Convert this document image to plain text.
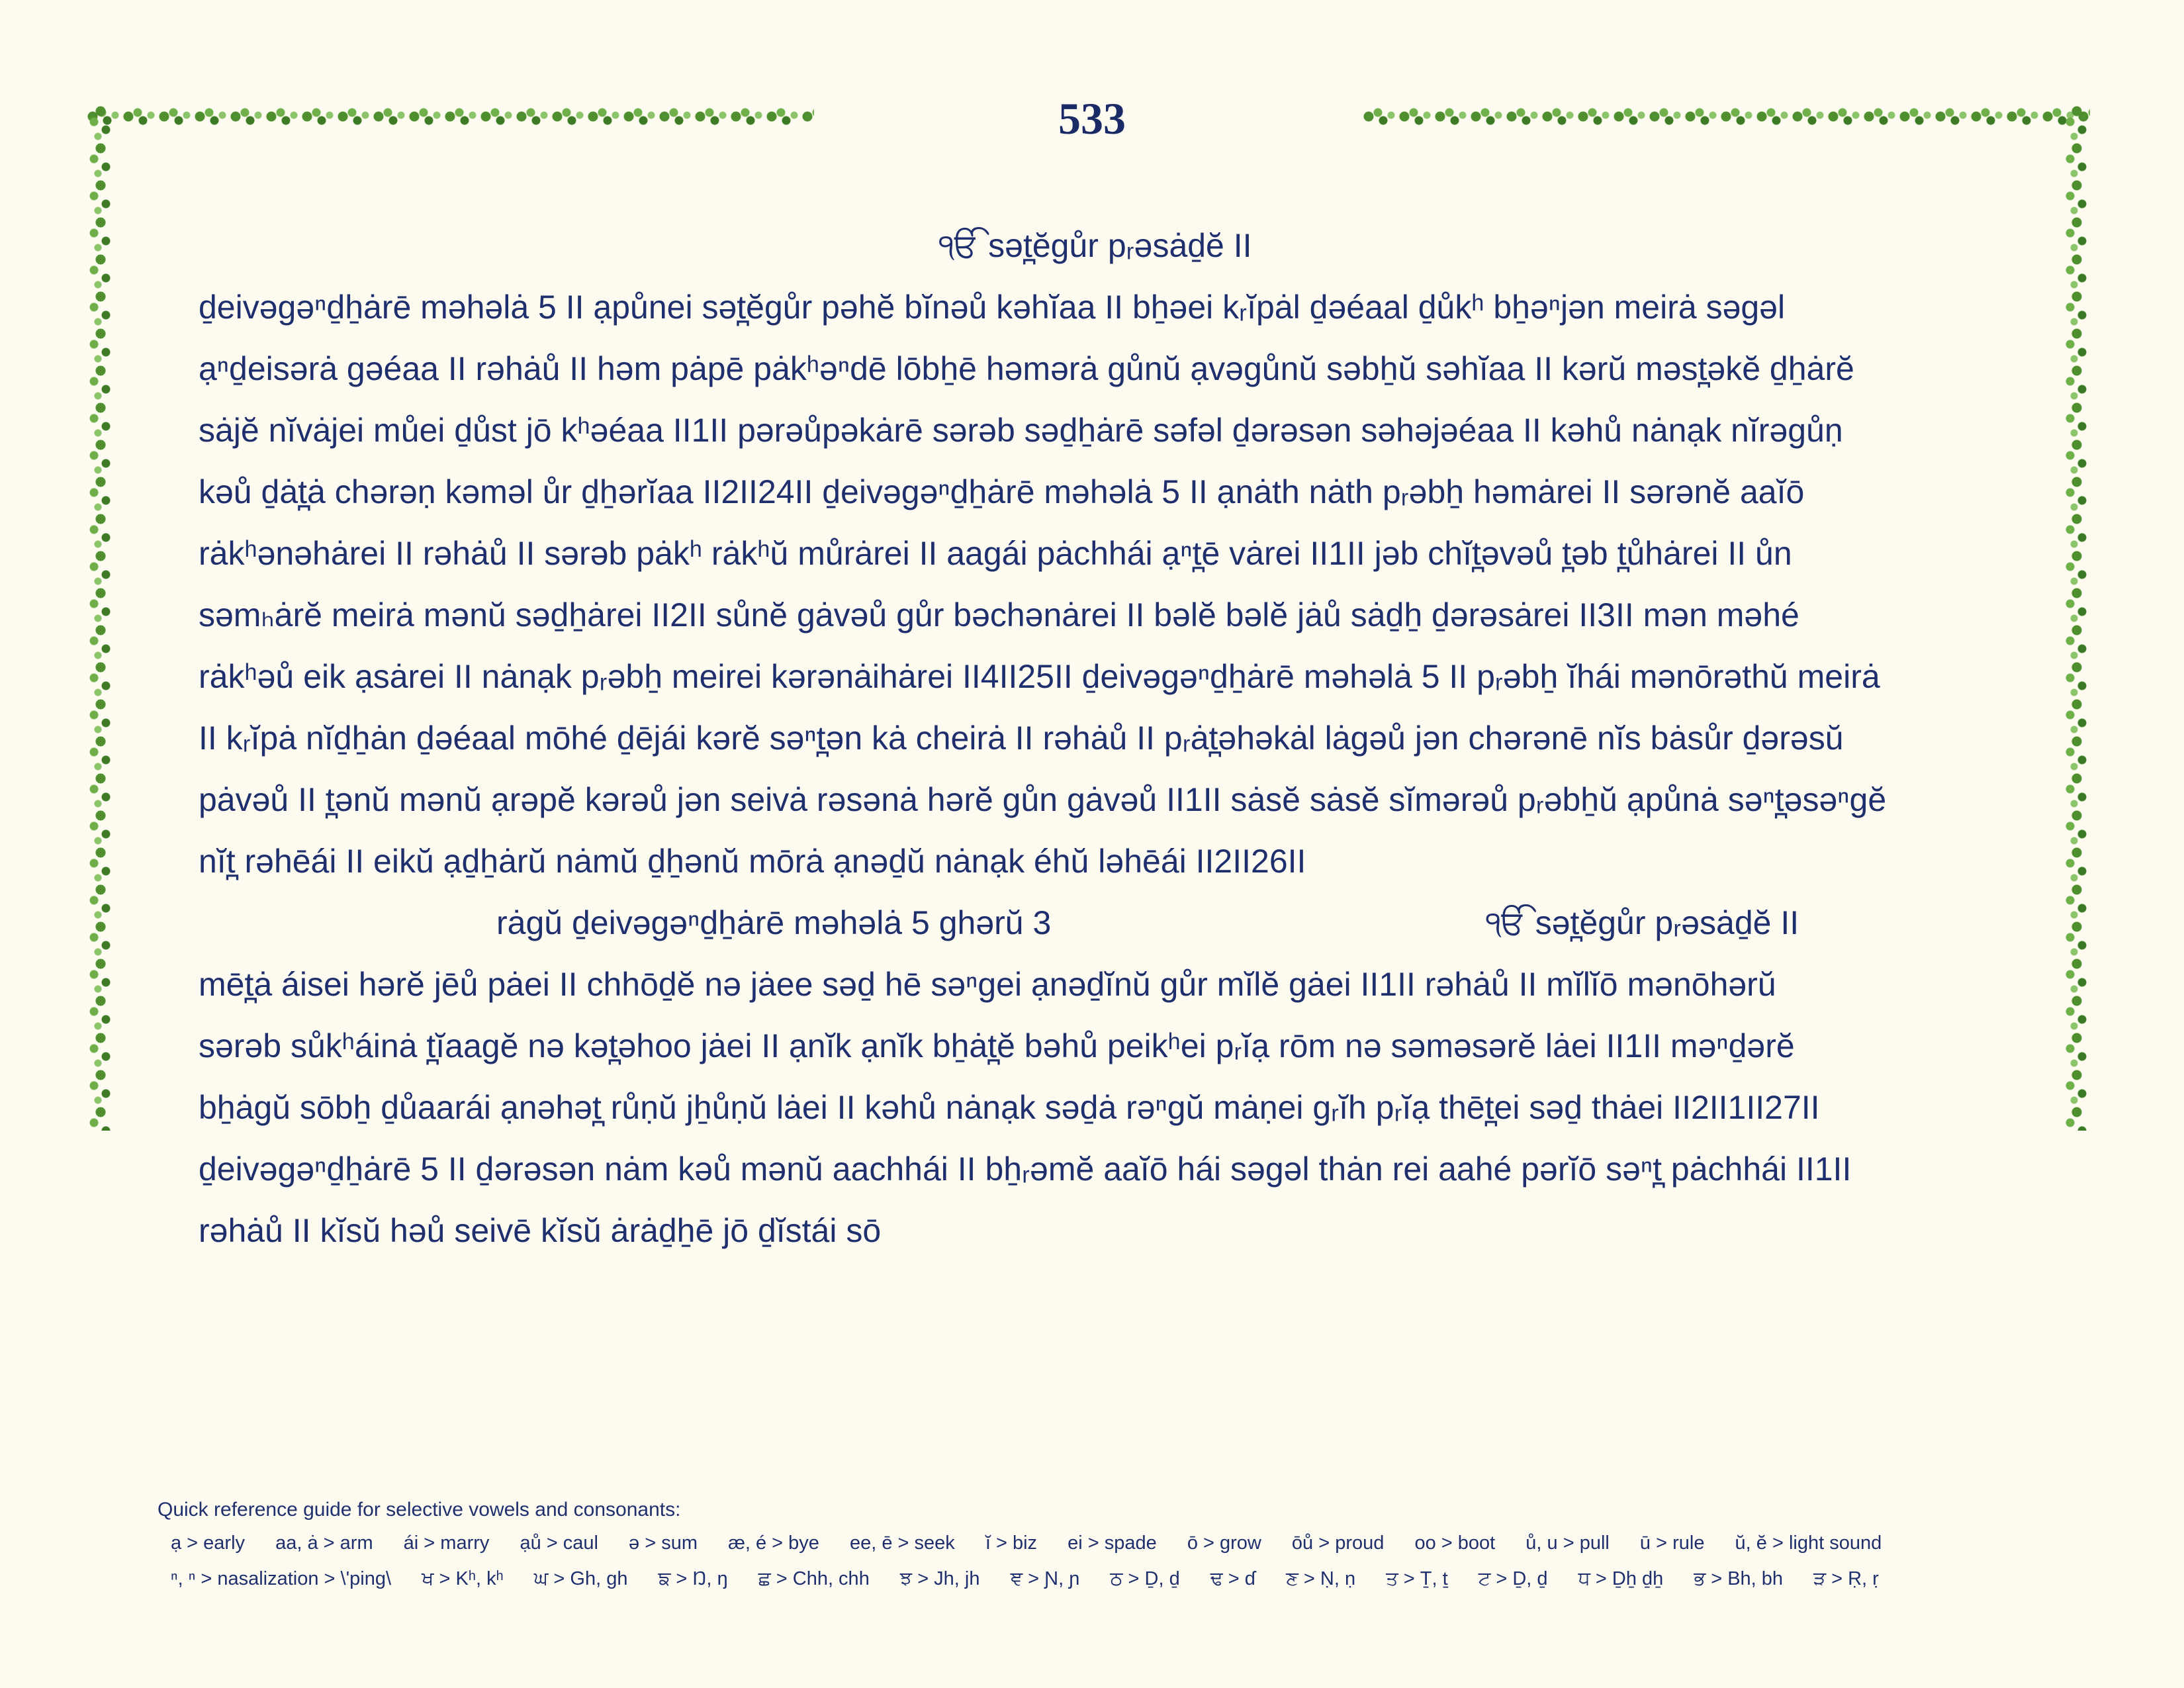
533
ੴ sət̪ĕgůr pᵣəsȧḏĕ II
ḏeivəgəⁿḏẖȧrē məhəlȧ 5 II ạpůnei sət̪ĕgůr pəhĕ bĭnəů kəhĭaa II bẖəei kᵣĭpȧl ḏəéaal ḏůkʰ bẖəⁿjən meirȧ səgəl
ạⁿḏeisərȧ gəéaa II rəhȧů II həm pȧpē pȧkʰəⁿdē lōbẖē həmərȧ gůnŭ ạvəgůnŭ səbẖŭ səhĭaa II kərŭ məst̪əkĕ ḏẖȧrĕ
sȧjĕ nĭvȧjei můei ḏůst jō kʰəéaa II1II pərəůpəkȧrē sərəb səḏẖȧrē səfəl ḏərəsən səhəjəéaa II kəhů nȧnạk nĭrəgůṇ
kəů ḏȧt̪ȧ chərəṇ kəməl ůr ḏẖərĭaa II2II24II ḏeivəgəⁿḏẖȧrē məhəlȧ 5 II ạnȧth nȧth pᵣəbẖ həmȧrei II sərənĕ aaĭō
rȧkʰənəhȧrei II rəhȧů II sərəb pȧkʰ rȧkʰŭ můrȧrei II aagái pȧchhái ạⁿt̪ē vȧrei II1II jəb chĭt̪əvəů t̪əb t̪ůhȧrei II ůn
səmₕȧrĕ meirȧ mənŭ səḏẖȧrei II2II sůnĕ gȧvəů gůr bəchənȧrei II bəlĕ bəlĕ jȧů sȧḏẖ ḏərəsȧrei II3II mən məhé
rȧkʰəů eik ạsȧrei II nȧnạk pᵣəbẖ meirei kərənȧihȧrei II4II25II ḏeivəgəⁿḏẖȧrē məhəlȧ 5 II pᵣəbẖ ĭhái mənōrəthŭ meirȧ
II kᵣĭpȧ nĭḏẖȧn ḏəéaal mōhé ḏējái kərĕ səⁿt̪ən kȧ cheirȧ II rəhȧů II pᵣȧt̪əhəkȧl lȧgəů jən chərənē nĭs bȧsůr ḏərəsŭ
pȧvəů II t̪ənŭ mənŭ ạrəpĕ kərəů jən seivȧ rəsənȧ hərĕ gůn gȧvəů II1II sȧsĕ sȧsĕ sĭmərəů pᵣəbẖŭ ạpůnȧ səⁿt̪əsəⁿgĕ
nĭt̪ rəhēái II eikŭ ạḏẖȧrŭ nȧmŭ ḏẖənŭ mōrȧ ạnəḏŭ nȧnạk éhŭ ləhēái II2II26II
rȧgŭ ḏeivəgəⁿḏẖȧrē məhəlȧ 5 ghərŭ 3	ੴ sət̪ĕgůr pᵣəsȧḏĕ II
mēt̪ȧ áisei hərĕ jēů pȧei II chhōḏĕ nə jȧee səḏ hē səⁿgei ạnəḏĭnŭ gůr mĭlĕ gȧei II1II rəhȧů II mĭlĭō mənōhərŭ
sərəb sůkʰáinȧ t̪ĭaagĕ nə kət̪əhoo jȧei II ạnĭk ạnĭk bẖȧt̪ĕ bəhů peikʰei pᵣĭạ rōm nə səməsərĕ lȧei II1II məⁿḏərĕ
bẖȧgŭ sōbẖ ḏůaarái ạnəhət̪ růṇŭ jẖůṇŭ lȧei II kəhů nȧnạk səḏȧ rəⁿgŭ mȧṇei gᵣĭh pᵣĭạ thēt̪ei səḏ thȧei II2II1II27II
ḏeivəgəⁿḏẖȧrē 5 II ḏərəsən nȧm kəů mənŭ aachhái II bẖᵣəmĕ aaĭō hái səgəl thȧn rei aahé pərĭō səⁿt̪ pȧchhái II1II
rəhȧů II kĭsŭ həů seivē kĭsŭ ȧrȧḏẖē jō ḏĭstái sō
Quick reference guide for selective vowels and consonants:
ạ > early aa, ȧ > arm ái > marry ạů > caul ə > sum æ, é > bye ee, ē > seek ĭ > biz ei > spade ō > grow ōů > proud oo > boot ů, u > pull ū > rule ŭ, ĕ > light sound
ⁿ, ⁿ > nasalization > \'ping\ ਖ > Kʰ, kʰ ਘ > Gh, gh ਙ > Ŋ, ŋ ਛ > Chh, chh ਝ > Jh, jh ਞ > Ɲ, ɲ ਠ > Ḏ, ḏ ਢ > ɗ ਣ > Ṇ, ṇ ਤ > Ṯ, ṯ ਟ > Ḏ, ḏ ਧ > Ḏẖ ḏẖ ਭ > Bh, bh ੜ > Ṛ, ṛ
